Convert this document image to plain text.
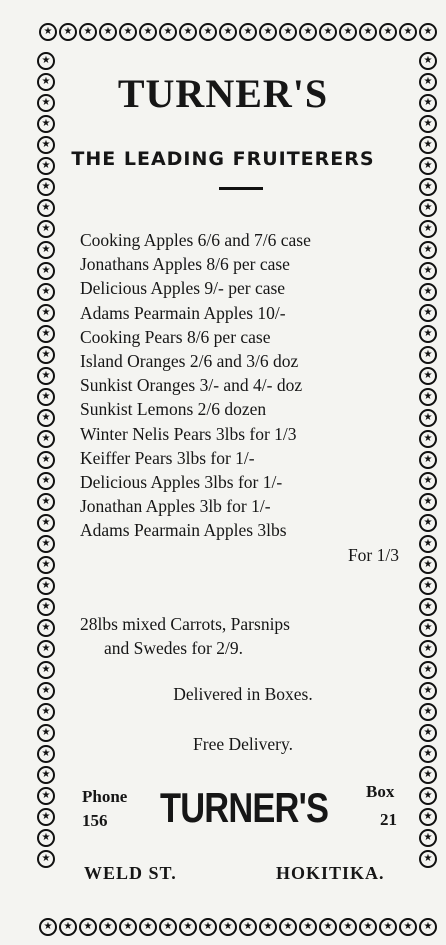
★	★	★	★	★	★	★	★	★	★	★	★	★	★	★	★	★	★	★	★
★	★	★	★	★	★	★	★	★	★	★	★	★	★	★	★	★	★	★	★
★
★
★
★
★
★
★
★
★
★
★
★
★
★
★
★
★
★
★
★
★
★
★
★
★
★
★
★
★
★
★
★
★
★
★
★
★
★
★
★
★
★
★
★
★
★
★
★
★
★
★
★
★
★
★
★
★
★
★
★
★
★
★
★
★
★
★
★
★
★
★
★
★
★
★
★
★
★
TURNER'S
THE LEADING FRUITERERS
Cooking Apples 6/6 and 7/6 case
Jonathans Apples 8/6 per case
Delicious Apples 9/- per case
Adams Pearmain Apples 10/-
Cooking Pears 8/6 per case
Island Oranges 2/6 and 3/6 doz
Sunkist Oranges 3/- and 4/- doz
Sunkist Lemons 2/6 dozen
Winter Nelis Pears 3lbs for 1/3
Keiffer Pears 3lbs for 1/-
Delicious Apples 3lbs for 1/-
Jonathan Apples 3lb for 1/-
Adams Pearmain Apples 3lbs
For 1/3
28lbs mixed Carrots, Parsnips
and Swedes for 2/9.
Delivered in Boxes.
Free Delivery.
Phone
156 TURNER'S Box
21
WELD ST.	HOKITIKA.
